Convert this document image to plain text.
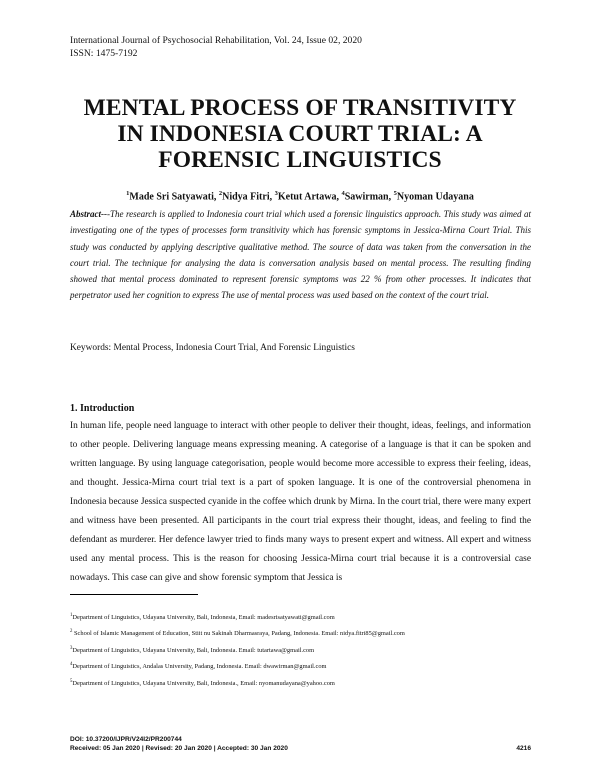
International Journal of Psychosocial Rehabilitation, Vol. 24, Issue 02, 2020
ISSN: 1475-7192
MENTAL PROCESS OF TRANSITIVITY
IN INDONESIA COURT TRIAL: A
FORENSIC LINGUISTICS
$^1$Made Sri Satyawati, $^2$Nidya Fitri, $^3$Ketut Artawa, $^4$Sawirman, $^5$Nyoman Udayana
Abstract---The research is applied to Indonesia court trial which used a forensic linguistics approach. This study was aimed at investigating one of the types of processes form transitivity which has forensic symptoms in Jessica-Mirna Court Trial. This study was conducted by applying descriptive qualitative method. The source of data was taken from the conversation in the court trial. The technique for analysing the data is conversation analysis based on mental process. The resulting finding showed that mental process dominated to represent forensic symptoms was 22 % from other processes. It indicates that perpetrator used her cognition to express The use of mental process was used based on the context of the court trial.
Keywords: Mental Process, Indonesia Court Trial, And Forensic Linguistics
1. Introduction
In human life, people need language to interact with other people to deliver their thought, ideas, feelings, and information to other people. Delivering language means expressing meaning. A categorise of a language is that it can be spoken and written language. By using language categorisation, people would become more accessible to express their feeling, ideas, and thought. Jessica-Mirna court trial text is a part of spoken language. It is one of the controversial phenomena in Indonesia because Jessica suspected cyanide in the coffee which drunk by Mirna. In the court trial, there were many expert and witness have been presented. All participants in the court trial express their thought, ideas, and feeling to find the defendant as murderer. Her defence lawyer tried to finds many ways to present expert and witness. All expert and witness used any mental process. This is the reason for choosing Jessica-Mirna court trial because it is a controversial case nowadays. This case can give and show forensic symptom that Jessica is
$^1$Department of Linguistics, Udayana University, Bali, Indonesia, Email: madesrisatyawati@gmail.com
$^2$ School of Islamic Management of Education, Stiit nu Sakinah Dharmasraya, Padang, Indonesia. Email: nidya.fitri85@gmail.com
$^3$Department of Linguistics, Udayana University, Bali, Indonesia. Email: tutartawa@gmail.com
$^4$Department of Linguistics, Andalas University, Padang, Indonesia. Email: dwawirman@gmail.com
$^5$Department of Linguistics, Udayana University, Bali, Indonesia., Email: nyomanudayana@yahoo.com
DOI: 10.37200/IJPR/V24I2/PR200744
Received: 05 Jan 2020 | Revised: 20 Jan 2020 | Accepted: 30 Jan 2020	4216
